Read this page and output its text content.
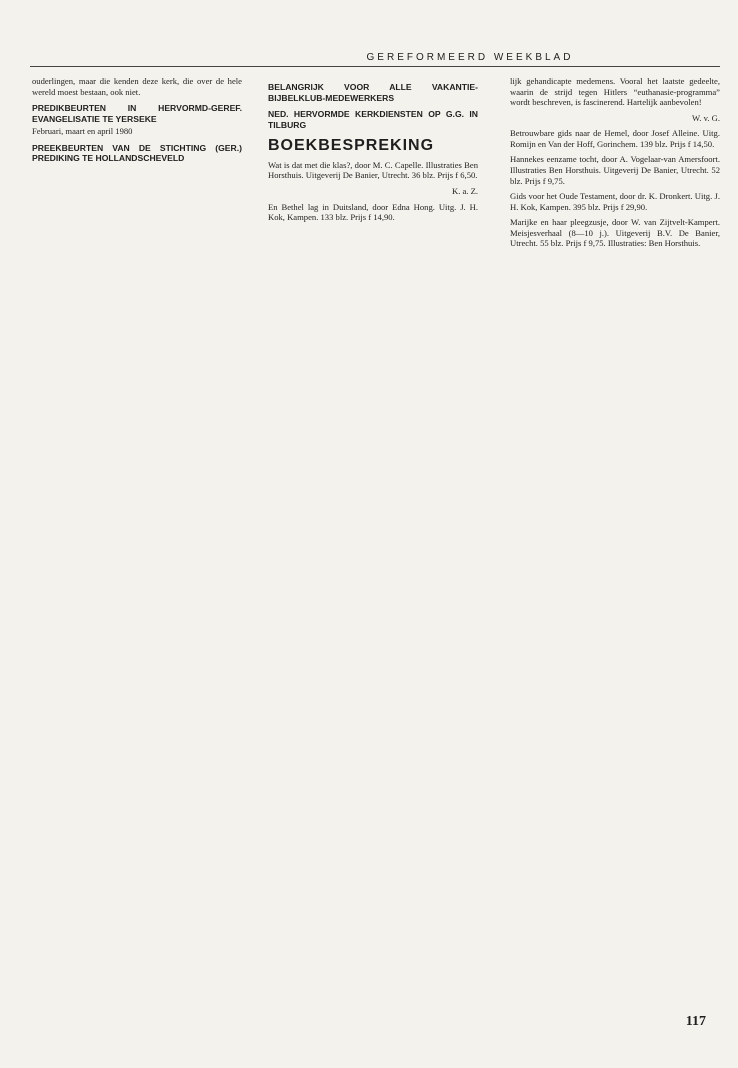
GEREFORMEERD WEEKBLAD

ouderlingen, maar die kenden deze kerk, die over de hele wereld moest bestaan, ook niet.

PREDIKBEURTEN IN HERVORMD-GEREF. EVANGELISATIE TE YERSEKE

Februari, maart en april 1980

PREEKBEURTEN VAN DE STICHTING (GER.) PREDIKING TE HOLLANDSCHEVELD
BELANGRIJK VOOR ALLE VAKANTIE-BIJBELKLUB-MEDEWERKERS
NED. HERVORMDE KERKDIENSTEN OP G.G. IN TILBURG
BOEKBESPREKING

Wat is dat met die klas?, door M. C. Capelle. Illustraties Ben Horsthuis. Uitgeverij De Banier, Utrecht. 36 blz. Prijs f 6,50.

K. a. Z.

En Bethel lag in Duitsland, door Edna Hong. Uitg. J. H. Kok, Kampen. 133 blz. Prijs f 14,90.

lijk gehandicapte medemens. Vooral het laatste gedeelte, waarin de strijd tegen Hitlers “euthanasie-programma” wordt beschreven, is fascinerend. Hartelijk aanbevolen!

W. v. G.

Betrouwbare gids naar de Hemel, door Josef Alleine. Uitg. Romijn en Van der Hoff, Gorinchem. 139 blz. Prijs f 14,50.

Hannekes eenzame tocht, door A. Vogelaar-van Amersfoort. Illustraties Ben Horsthuis. Uitgeverij De Banier, Utrecht. 52 blz. Prijs f 9,75.

Gids voor het Oude Testament, door dr. K. Dronkert. Uitg. J. H. Kok, Kampen. 395 blz. Prijs f 29,90.

Marijke en haar pleegzusje, door W. van Zijtvelt-Kampert. Meisjesverhaal (8—10 j.). Uitgeverij B.V. De Banier, Utrecht. 55 blz. Prijs f 9,75. Illustraties: Ben Horsthuis.

117
